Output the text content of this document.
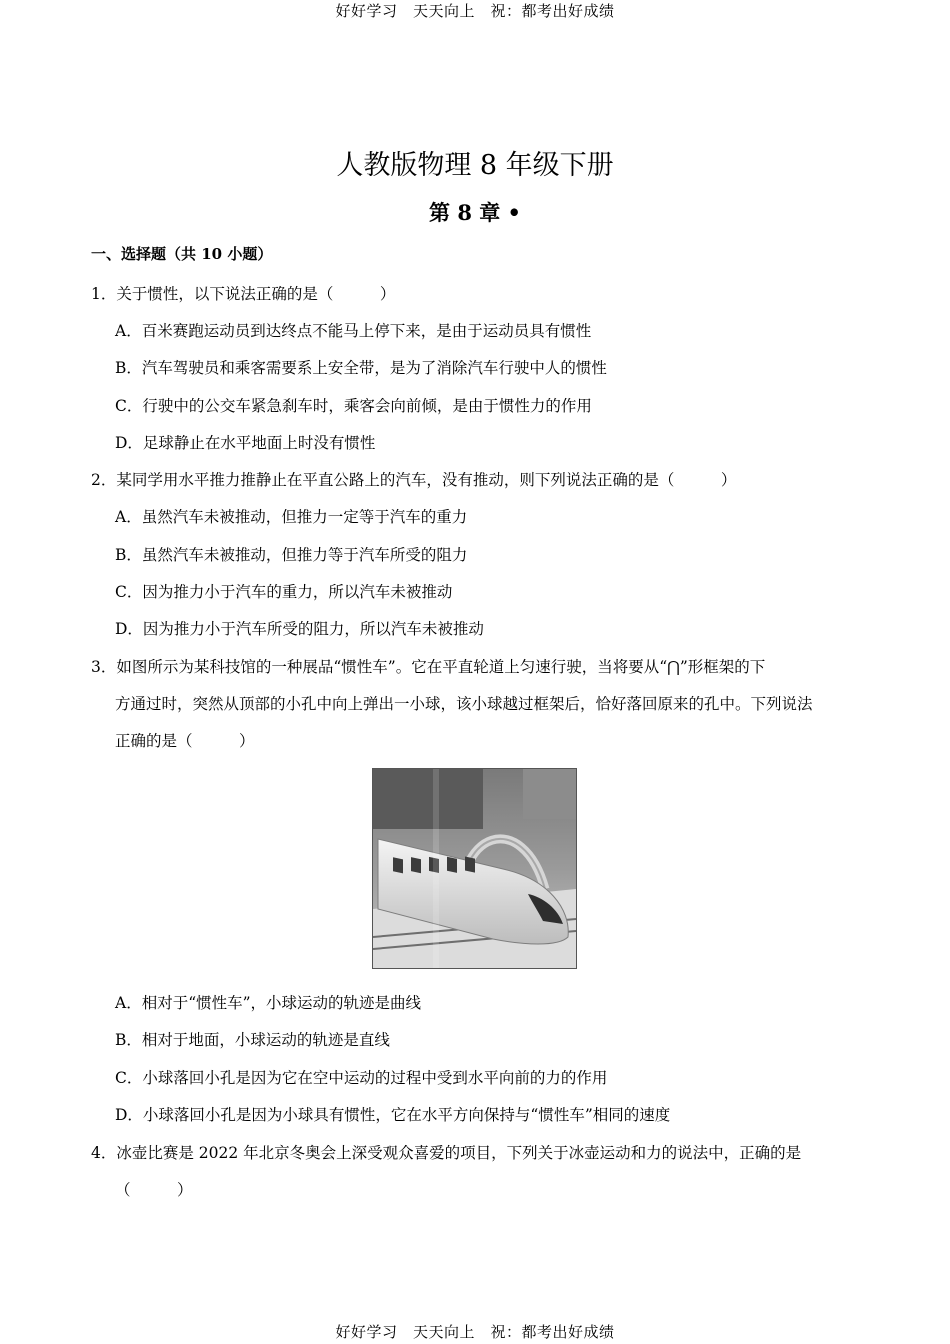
好好学习　天天向上　祝：都考出好成绩
人教版物理 8 年级下册
第 8 章 •
一、选择题（共 10 小题）
1．关于惯性，以下说法正确的是（　　　）
A．百米赛跑运动员到达终点不能马上停下来，是由于运动员具有惯性
B．汽车驾驶员和乘客需要系上安全带，是为了消除汽车行驶中人的惯性
C．行驶中的公交车紧急刹车时，乘客会向前倾，是由于惯性力的作用
D．足球静止在水平地面上时没有惯性
2．某同学用水平推力推静止在平直公路上的汽车，没有推动，则下列说法正确的是（　　　）
A．虽然汽车未被推动，但推力一定等于汽车的重力
B．虽然汽车未被推动，但推力等于汽车所受的阻力
C．因为推力小于汽车的重力，所以汽车未被推动
D．因为推力小于汽车所受的阻力，所以汽车未被推动
3．如图所示为某科技馆的一种展品“惯性车”。它在平直轮道上匀速行驶，当将要从“⋂”形框架的下
方通过时，突然从顶部的小孔中向上弹出一小球，该小球越过框架后，恰好落回原来的孔中。下列说法
正确的是（　　　）
A．相对于“惯性车”，小球运动的轨迹是曲线
B．相对于地面，小球运动的轨迹是直线
C．小球落回小孔是因为它在空中运动的过程中受到水平向前的力的作用
D．小球落回小孔是因为小球具有惯性，它在水平方向保持与“惯性车”相同的速度
4．冰壶比赛是 2022 年北京冬奥会上深受观众喜爱的项目，下列关于冰壶运动和力的说法中，正确的是
（　　　）
好好学习　天天向上　祝：都考出好成绩
